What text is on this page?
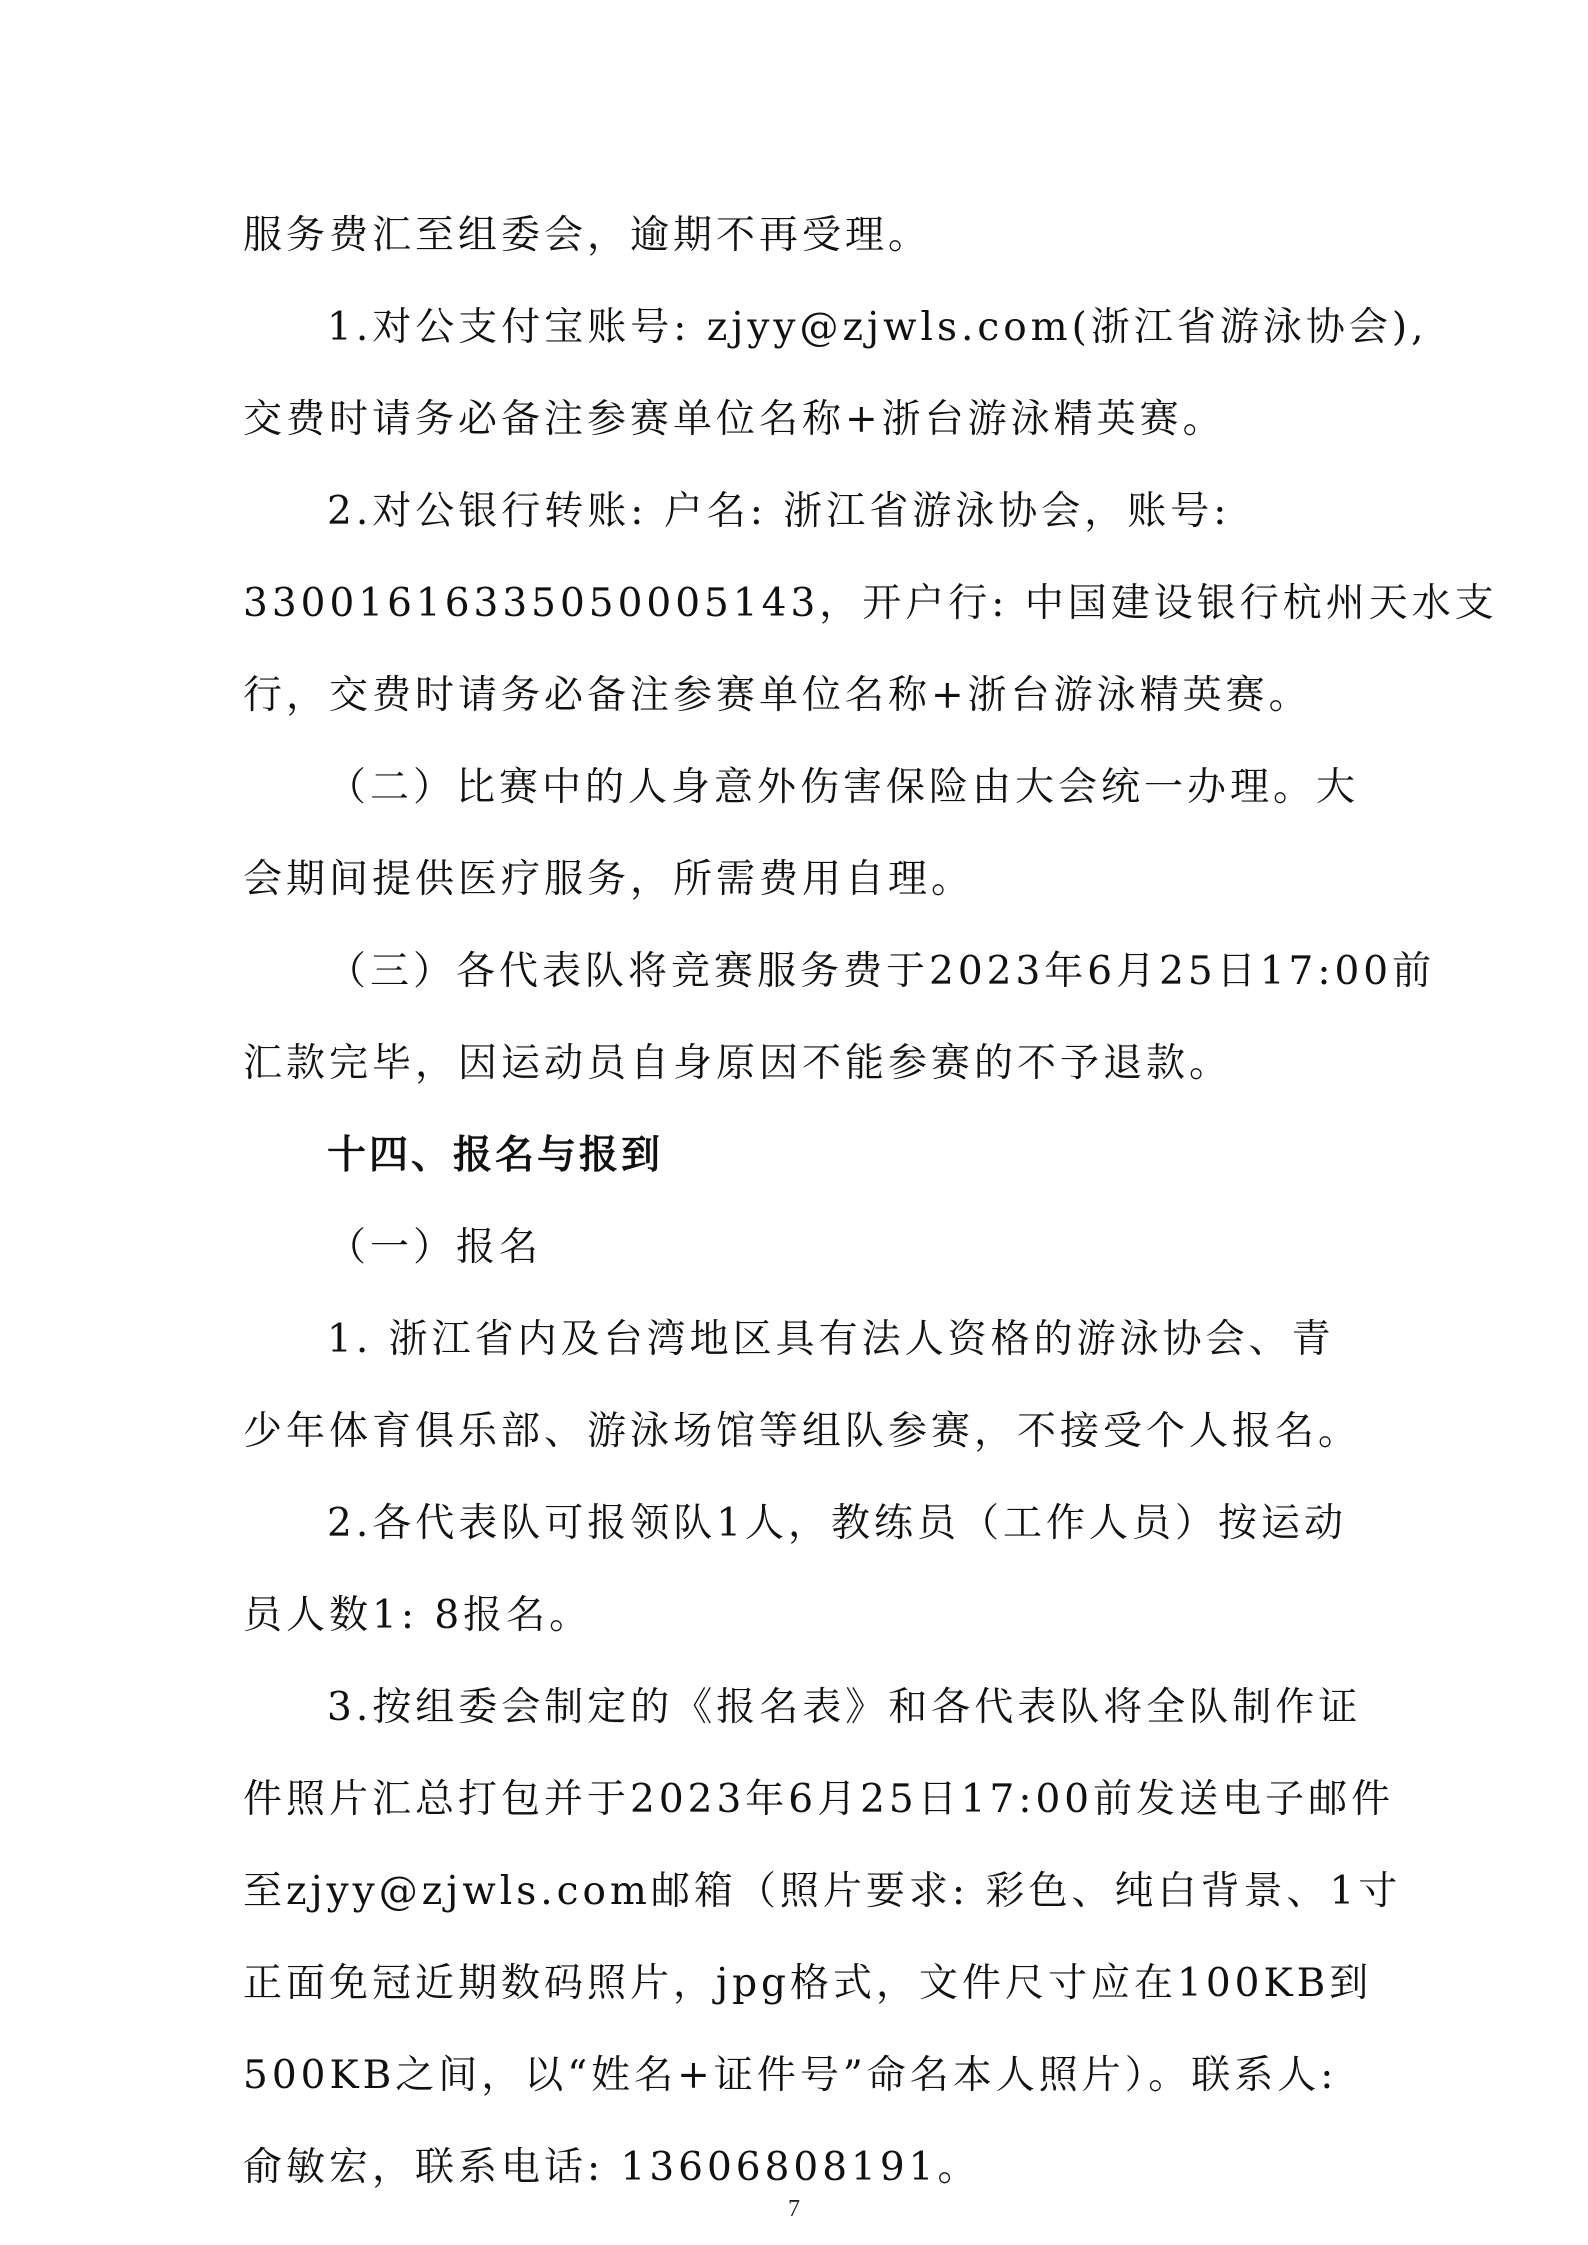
服务费汇至组委会，逾期不再受理。

1.对公支付宝账号: zjyy@zjwls.com(浙江省游泳协会),

交费时请务必备注参赛单位名称+浙台游泳精英赛。

2.对公银行转账: 户名: 浙江省游泳协会，账号:

33001616335050005143，开户行: 中国建设银行杭州天水支

行，交费时请务必备注参赛单位名称+浙台游泳精英赛。

（二）比赛中的人身意外伤害保险由大会统一办理。大

会期间提供医疗服务，所需费用自理。

（三）各代表队将竞赛服务费于2023年6月25日17:00前

汇款完毕，因运动员自身原因不能参赛的不予退款。

十四、报名与报到

（一）报名

1. 浙江省内及台湾地区具有法人资格的游泳协会、青

少年体育俱乐部、游泳场馆等组队参赛，不接受个人报名。

2.各代表队可报领队1人，教练员（工作人员）按运动

员人数1: 8报名。

3.按组委会制定的《报名表》和各代表队将全队制作证

件照片汇总打包并于2023年6月25日17:00前发送电子邮件

至zjyy@zjwls.com邮箱（照片要求: 彩色、纯白背景、1寸

正面免冠近期数码照片，jpg格式，文件尺寸应在100KB到

500KB之间，以“姓名+证件号”命名本人照片）。联系人:

俞敏宏，联系电话: 13606808191。

7
